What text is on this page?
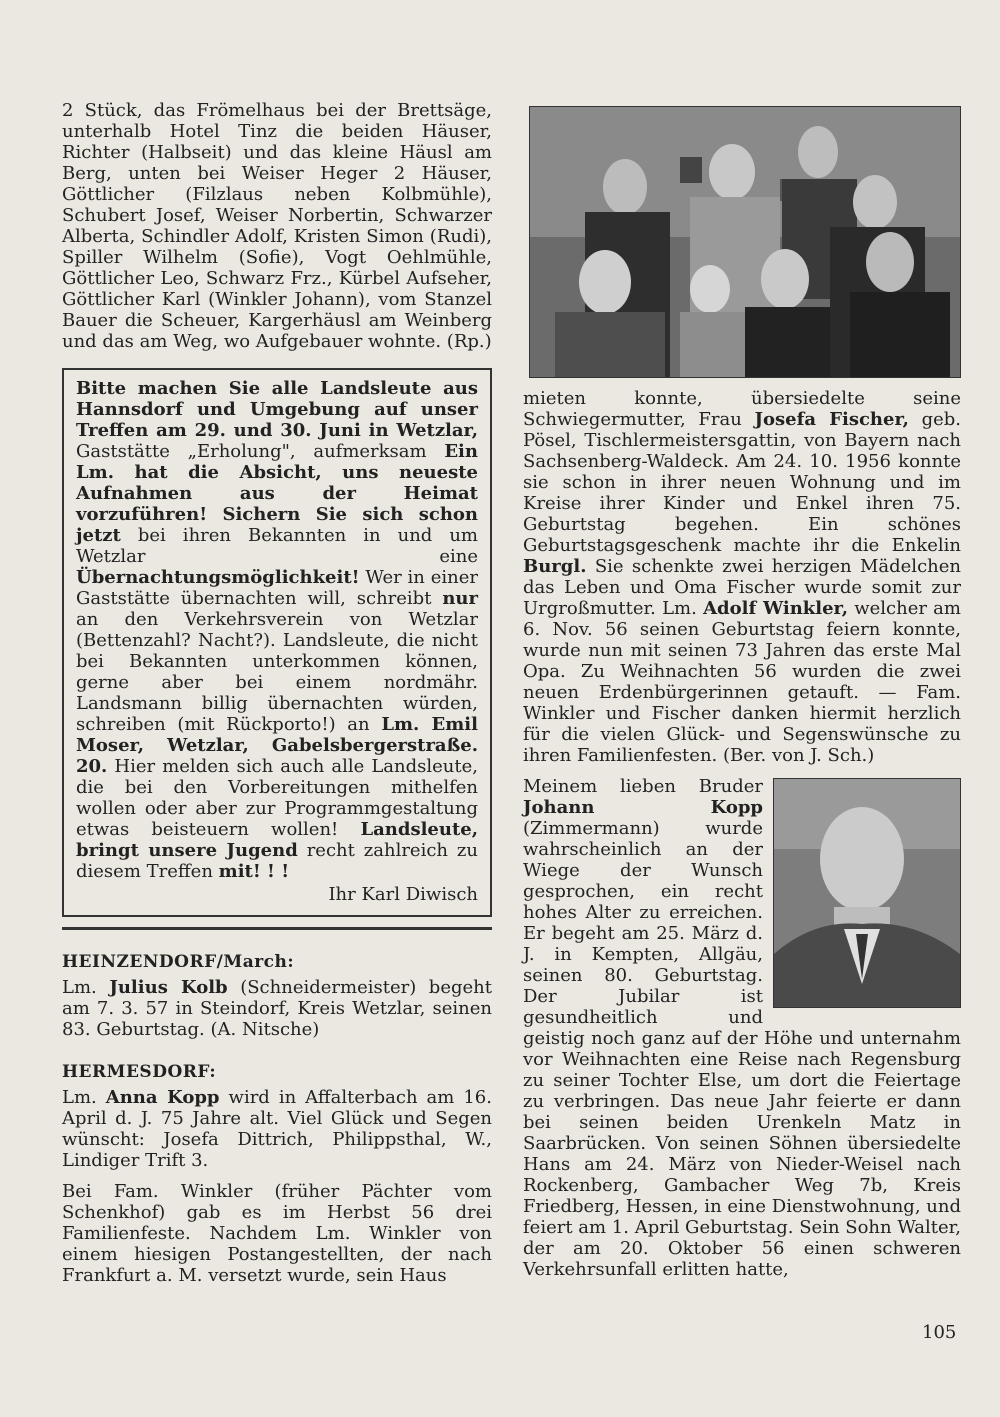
2 Stück, das Frömelhaus bei der Brettsäge, unterhalb Hotel Tinz die beiden Häuser, Richter (Halbseit) und das kleine Häusl am Berg, unten bei Weiser Heger 2 Häuser, Göttlicher (Filzlaus neben Kolbmühle), Schubert Josef, Weiser Norbertin, Schwarzer Alberta, Schindler Adolf, Kristen Simon (Rudi), Spiller Wilhelm (Sofie), Vogt Oehlmühle, Göttlicher Leo, Schwarz Frz., Kürbel Aufseher, Göttlicher Karl (Winkler Johann), vom Stanzel Bauer die Scheuer, Kargerhäusl am Weinberg und das am Weg, wo Aufgebauer wohnte. (Rp.)

Bitte machen Sie alle Landsleute aus Hannsdorf und Umgebung auf unser Treffen am 29. und 30. Juni in Wetzlar, Gaststätte „Erholung", aufmerksam Ein Lm. hat die Absicht, uns neueste Aufnahmen aus der Heimat vorzuführen! Sichern Sie sich schon jetzt bei ihren Bekannten in und um Wetzlar eine Übernachtungsmöglichkeit! Wer in einer Gaststätte übernachten will, schreibt nur an den Verkehrsverein von Wetzlar (Bettenzahl? Nacht?). Landsleute, die nicht bei Bekannten unterkommen können, gerne aber bei einem nordmähr. Landsmann billig übernachten würden, schreiben (mit Rückporto!) an Lm. Emil Moser, Wetzlar, Gabelsbergerstraße. 20. Hier melden sich auch alle Landsleute, die bei den Vorbereitungen mithelfen wollen oder aber zur Programmgestaltung etwas beisteuern wollen! Landsleute, bringt unsere Jugend recht zahlreich zu diesem Treffen mit! ! !

Ihr Karl Diwisch
HEINZENDORF/March:

Lm. Julius Kolb (Schneidermeister) begeht am 7. 3. 57 in Steindorf, Kreis Wetzlar, seinen 83. Geburtstag. (A. Nitsche)

HERMESDORF:

Lm. Anna Kopp wird in Affalterbach am 16. April d. J. 75 Jahre alt. Viel Glück und Segen wünscht: Josefa Dittrich, Philippsthal, W., Lindiger Trift 3.

Bei Fam. Winkler (früher Pächter vom Schenkhof) gab es im Herbst 56 drei Familienfeste. Nachdem Lm. Winkler von einem hiesigen Postangestellten, der nach Frankfurt a. M. versetzt wurde, sein Haus

mieten konnte, übersiedelte seine Schwiegermutter, Frau Josefa Fischer, geb. Pösel, Tischlermeistersgattin, von Bayern nach Sachsenberg-Waldeck. Am 24. 10. 1956 konnte sie schon in ihrer neuen Wohnung und im Kreise ihrer Kinder und Enkel ihren 75. Geburtstag begehen. Ein schönes Geburtstagsgeschenk machte ihr die Enkelin Burgl. Sie schenkte zwei herzigen Mädelchen das Leben und Oma Fischer wurde somit zur Urgroßmutter. Lm. Adolf Winkler, welcher am 6. Nov. 56 seinen Geburtstag feiern konnte, wurde nun mit seinen 73 Jahren das erste Mal Opa. Zu Weihnachten 56 wurden die zwei neuen Erdenbürgerinnen getauft. — Fam. Winkler und Fischer danken hiermit herzlich für die vielen Glück- und Segenswünsche zu ihren Familienfesten. (Ber. von J. Sch.)

Meinem lieben Bruder Johann Kopp (Zimmermann) wurde wahrscheinlich an der Wiege der Wunsch gesprochen, ein recht hohes Alter zu erreichen. Er begeht am 25. März d. J. in Kempten, Allgäu, seinen 80. Geburtstag. Der Jubilar ist gesundheitlich und geistig noch ganz auf der Höhe und unternahm vor Weihnachten eine Reise nach Regensburg zu seiner Tochter Else, um dort die Feiertage zu verbringen. Das neue Jahr feierte er dann bei seinen beiden Urenkeln Matz in Saarbrücken. Von seinen Söhnen übersiedelte Hans am 24. März von Nieder-Weisel nach Rockenberg, Gambacher Weg 7b, Kreis Friedberg, Hessen, in eine Dienstwohnung, und feiert am 1. April Geburtstag. Sein Sohn Walter, der am 20. Oktober 56 einen schweren Verkehrsunfall erlitten hatte,

105
